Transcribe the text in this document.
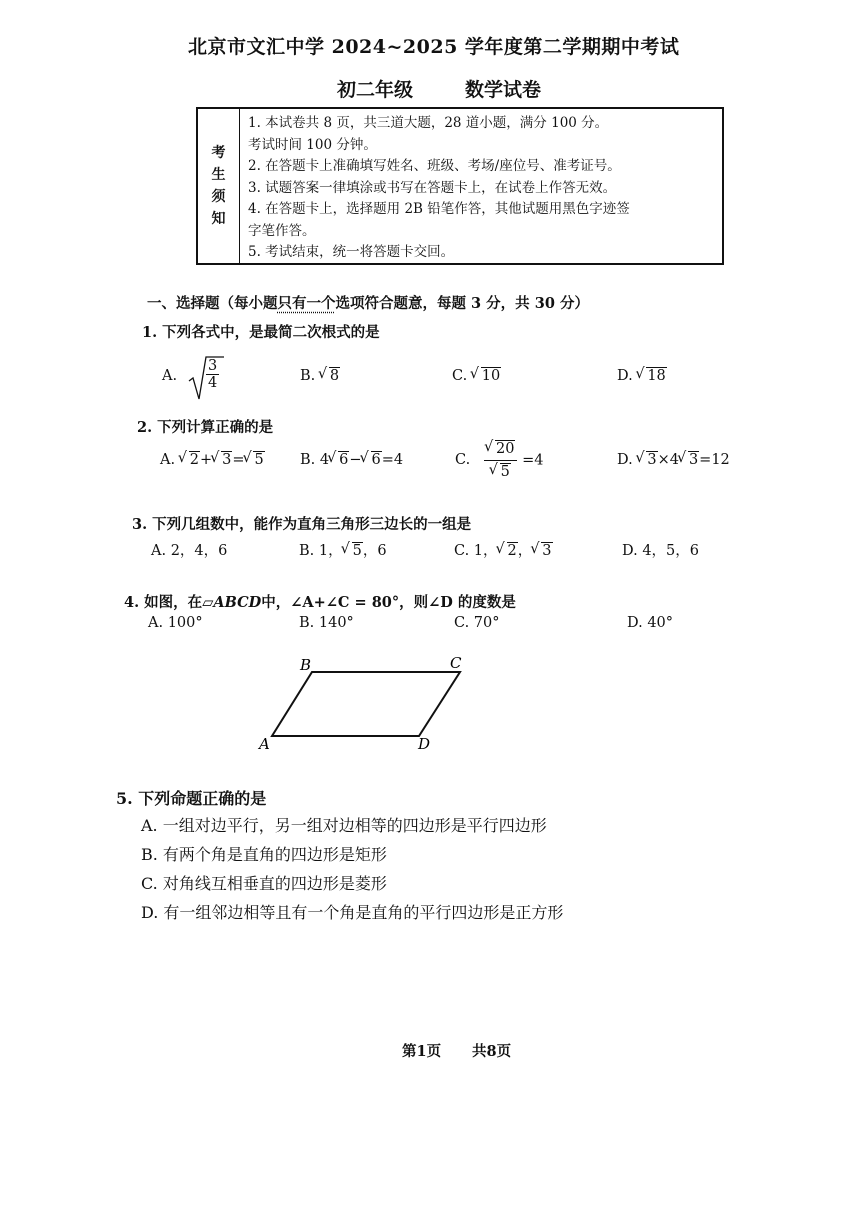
北京市文汇中学 2024~2025 学年度第二学期期中考试
初二年级	数学试卷
考
生
须
知
1. 本试卷共 8 页，共三道大题，28 道小题，满分 100 分。
考试时间 100 分钟。
2. 在答题卡上准确填写姓名、班级、考场/座位号、准考证号。
3. 试题答案一律填涂或书写在答题卡上，在试卷上作答无效。
4. 在答题卡上，选择题用 2B 铅笔作答，其他试题用黑色字迹签
字笔作答。
5. 考试结束，统一将答题卡交回。
一、选择题（每小题只有一个选项符合题意，每题 3 分，共 30 分）
1. 下列各式中，是最简二次根式的是
A. $\frac{3}{4}$	B. √ 8	C. √ 10	D. √ 18
2. 下列计算正确的是
A. √ 2+ √ 3= √ 5	B. 4 √ 6− √ 6=4	C. √ 20
√ 5 =4	D. √ 3×4 √ 3=12
3. 下列几组数中，能作为直角三角形三边长的一组是
A. 2，4，6	B. 1， √ 5，6	C. 1， √ 2， √ 3	D. 4，5，6
4. 如图，在▱ABCD中，∠A+∠C = 80°，则∠D 的度数是
A. 100°	B. 140°	C. 70°	D. 40°
B	C
A	D
5. 下列命题正确的是
A. 一组对边平行，另一组对边相等的四边形是平行四边形
B. 有两个角是直角的四边形是矩形
C. 对角线互相垂直的四边形是菱形
D. 有一组邻边相等且有一个角是直角的平行四边形是正方形
第1页 共8页
